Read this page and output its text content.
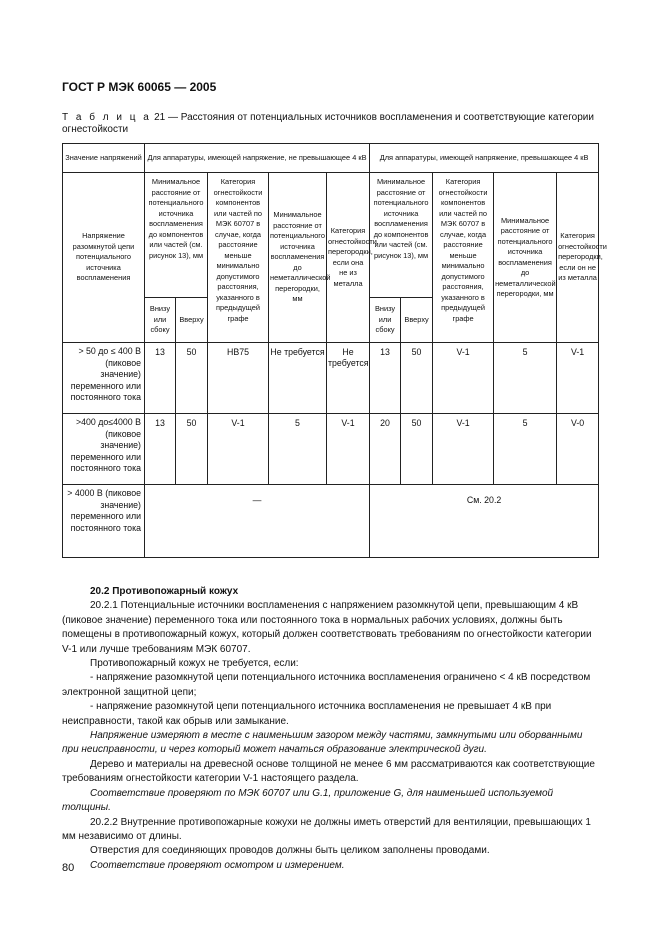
ГОСТ Р МЭК 60065 — 2005
Т а б л и ц а 21 — Расстояния от потенциальных источников воспламенения и соответствующие категории огнестойкости
Значение напряжений	Для аппаратуры, имеющей напряжение, не превышающее 4 кВ					Для аппаратуры, имеющей напряжение, превышающее 4 кВ				
Напряжение разомкнутой цепи потенциального источника воспламенения	Минимальное расстояние от потенциального источника воспламенения до компонентов или частей (см. рисунок 13), мм		Категория огнестойкости компонентов или частей по МЭК 60707 в случае, когда расстояние меньше минимально допустимого расстояния, указанного в предыдущей графе	Минимальное расстояние от потенциального источника воспламенения до неметаллической перегородки, мм	Категория огнестойкости перегородки, если она не из металла	Минимальное расстояние от потенциального источника воспламенения до компонентов или частей (см. рисунок 13), мм		Категория огнестойкости компонентов или частей по МЭК 60707 в случае, когда расстояние меньше минимально допустимого расстояния, указанного в предыдущей графе	Минимальное расстояние от потенциального источника воспламенения до неметаллической перегородки, мм	Категория огнестойкости перегородки, если он не из металла
	Внизу или сбоку	Вверху				Внизу или сбоку	Вверху			
> 50 до ≤ 400 В (пиковое значение) переменного или постоянного тока	13	50	HB75	Не требуется	Не требуется	13	50	V-1	5	V-1
>400 до≤4000 В (пиковое значение) переменного или постоянного тока	13	50	V-1	5	V-1	20	50	V-1	5	V-0
> 4000 В (пиковое значение) переменного или постоянного тока	—					См. 20.2				

20.2 Противопожарный кожух

20.2.1 Потенциальные источники воспламенения с напряжением разомкнутой цепи, превышающим 4 кВ (пиковое значение) переменного тока или постоянного тока в нормальных рабочих условиях, должны быть помещены в противопожарный кожух, который должен соответствовать требованиям по огнестойкости категории V-1 или лучше требованиям МЭК 60707.

Противопожарный кожух не требуется, если:

- напряжение разомкнутой цепи потенциального источника воспламенения ограничено < 4 кВ посредством электронной защитной цепи;

- напряжение разомкнутой цепи потенциального источника воспламенения не превышает 4 кВ при неисправности, такой как обрыв или замыкание.

Напряжение измеряют в месте с наименьшим зазором между частями, замкнутыми или оборванными при неисправности, и через который может начаться образование электрической дуги.

Дерево и материалы на древесной основе толщиной не менее 6 мм рассматриваются как соответствующие требованиям огнестойкости категории V-1 настоящего раздела.

Соответствие проверяют по МЭК 60707 или G.1, приложение G, для наименьшей используемой толщины.

20.2.2 Внутренние противопожарные кожухи не должны иметь отверстий для вентиляции, превышающих 1 мм независимо от длины.

Отверстия для соединяющих проводов должны быть целиком заполнены проводами.

Соответствие проверяют осмотром и измерением.

80
